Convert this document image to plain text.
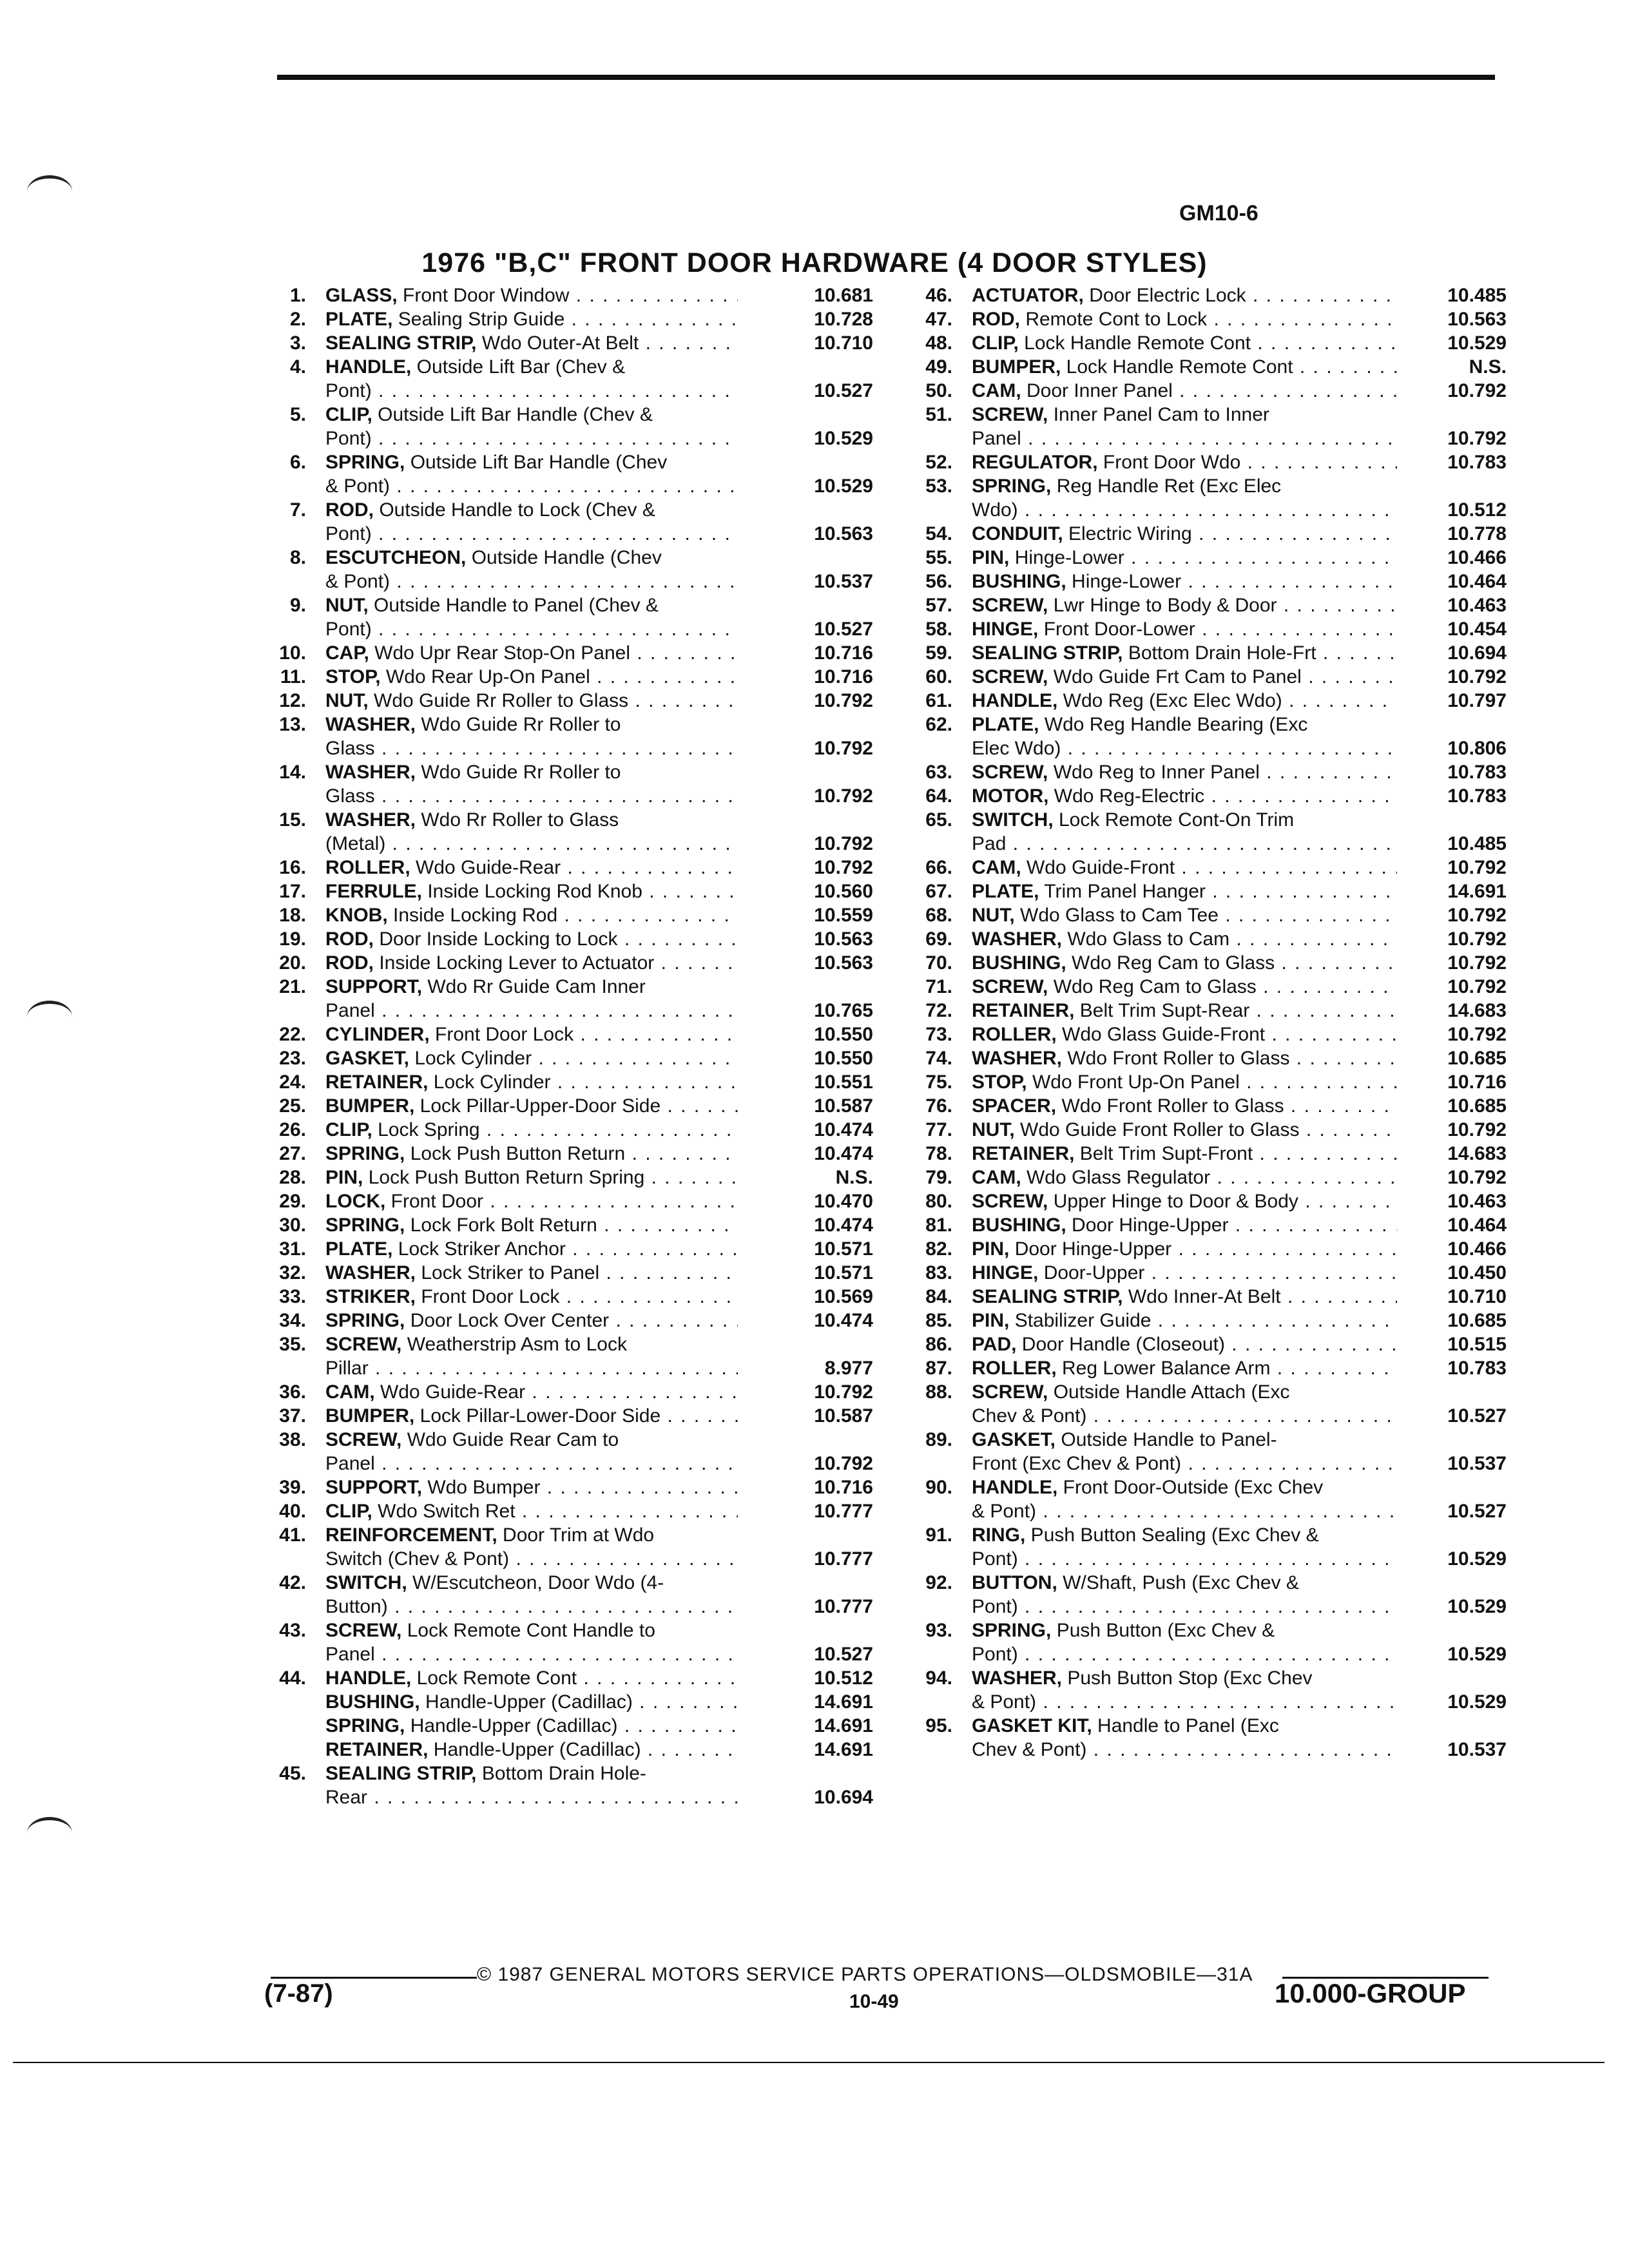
GM10-6
1976 "B,C" FRONT DOOR HARDWARE (4 DOOR STYLES)
1. GLASS, Front Door Window . . .	10.681
2. PLATE, Sealing Strip Guide . . .	10.728
3. SEALING STRIP, Wdo Outer-At Belt . . .	10.710
4. HANDLE, Outside Lift Bar (Chev &
Pont) . . .	10.527
5. CLIP, Outside Lift Bar Handle (Chev &
Pont) . . .	10.529
6. SPRING, Outside Lift Bar Handle (Chev
& Pont) . . .	10.529
7. ROD, Outside Handle to Lock (Chev &
Pont) . . .	10.563
8. ESCUTCHEON, Outside Handle (Chev
& Pont) . . .	10.537
9. NUT, Outside Handle to Panel (Chev &
Pont) . . .	10.527
10. CAP, Wdo Upr Rear Stop-On Panel . . .	10.716
11. STOP, Wdo Rear Up-On Panel . . .	10.716
12. NUT, Wdo Guide Rr Roller to Glass . . .	10.792
13. WASHER, Wdo Guide Rr Roller to
Glass . . .	10.792
14. WASHER, Wdo Guide Rr Roller to
Glass . . .	10.792
15. WASHER, Wdo Rr Roller to Glass
(Metal) . . .	10.792
16. ROLLER, Wdo Guide-Rear . . .	10.792
17. FERRULE, Inside Locking Rod Knob . . .	10.560
18. KNOB, Inside Locking Rod . . .	10.559
19. ROD, Door Inside Locking to Lock . . .	10.563
20. ROD, Inside Locking Lever to Actuator . . .	10.563
21. SUPPORT, Wdo Rr Guide Cam Inner
Panel . . .	10.765
22. CYLINDER, Front Door Lock . . .	10.550
23. GASKET, Lock Cylinder . . .	10.550
24. RETAINER, Lock Cylinder . . .	10.551
25. BUMPER, Lock Pillar-Upper-Door Side . . .	10.587
26. CLIP, Lock Spring . . .	10.474
27. SPRING, Lock Push Button Return . . .	10.474
28. PIN, Lock Push Button Return Spring . . .	N.S.
29. LOCK, Front Door . . .	10.470
30. SPRING, Lock Fork Bolt Return . . .	10.474
31. PLATE, Lock Striker Anchor . . .	10.571
32. WASHER, Lock Striker to Panel . . .	10.571
33. STRIKER, Front Door Lock . . .	10.569
34. SPRING, Door Lock Over Center . . .	10.474
35. SCREW, Weatherstrip Asm to Lock
Pillar . . .	8.977
36. CAM, Wdo Guide-Rear . . .	10.792
37. BUMPER, Lock Pillar-Lower-Door Side . . .	10.587
38. SCREW, Wdo Guide Rear Cam to
Panel . . .	10.792
39. SUPPORT, Wdo Bumper . . .	10.716
40. CLIP, Wdo Switch Ret . . .	10.777
41. REINFORCEMENT, Door Trim at Wdo
Switch (Chev & Pont) . . .	10.777
42. SWITCH, W/Escutcheon, Door Wdo (4-
Button) . . .	10.777
43. SCREW, Lock Remote Cont Handle to
Panel . . .	10.527
44. HANDLE, Lock Remote Cont . . .	10.512
BUSHING, Handle-Upper (Cadillac) . . .	14.691
SPRING, Handle-Upper (Cadillac) . . .	14.691
RETAINER, Handle-Upper (Cadillac) . . .	14.691
45. SEALING STRIP, Bottom Drain Hole-
Rear . . .	10.694
46. ACTUATOR, Door Electric Lock . . .	10.485
47. ROD, Remote Cont to Lock . . .	10.563
48. CLIP, Lock Handle Remote Cont . . .	10.529
49. BUMPER, Lock Handle Remote Cont . . .	N.S.
50. CAM, Door Inner Panel . . .	10.792
51. SCREW, Inner Panel Cam to Inner
Panel . . .	10.792
52. REGULATOR, Front Door Wdo . . .	10.783
53. SPRING, Reg Handle Ret (Exc Elec
Wdo) . . .	10.512
54. CONDUIT, Electric Wiring . . .	10.778
55. PIN, Hinge-Lower . . .	10.466
56. BUSHING, Hinge-Lower . . .	10.464
57. SCREW, Lwr Hinge to Body & Door . . .	10.463
58. HINGE, Front Door-Lower . . .	10.454
59. SEALING STRIP, Bottom Drain Hole-Frt . . .	10.694
60. SCREW, Wdo Guide Frt Cam to Panel . . .	10.792
61. HANDLE, Wdo Reg (Exc Elec Wdo) . . .	10.797
62. PLATE, Wdo Reg Handle Bearing (Exc
Elec Wdo) . . .	10.806
63. SCREW, Wdo Reg to Inner Panel . . .	10.783
64. MOTOR, Wdo Reg-Electric . . .	10.783
65. SWITCH, Lock Remote Cont-On Trim
Pad . . .	10.485
66. CAM, Wdo Guide-Front . . .	10.792
67. PLATE, Trim Panel Hanger . . .	14.691
68. NUT, Wdo Glass to Cam Tee . . .	10.792
69. WASHER, Wdo Glass to Cam . . .	10.792
70. BUSHING, Wdo Reg Cam to Glass . . .	10.792
71. SCREW, Wdo Reg Cam to Glass . . .	10.792
72. RETAINER, Belt Trim Supt-Rear . . .	14.683
73. ROLLER, Wdo Glass Guide-Front . . .	10.792
74. WASHER, Wdo Front Roller to Glass . . .	10.685
75. STOP, Wdo Front Up-On Panel . . .	10.716
76. SPACER, Wdo Front Roller to Glass . . .	10.685
77. NUT, Wdo Guide Front Roller to Glass . . .	10.792
78. RETAINER, Belt Trim Supt-Front . . .	14.683
79. CAM, Wdo Glass Regulator . . .	10.792
80. SCREW, Upper Hinge to Door & Body . . .	10.463
81. BUSHING, Door Hinge-Upper . . .	10.464
82. PIN, Door Hinge-Upper . . .	10.466
83. HINGE, Door-Upper . . .	10.450
84. SEALING STRIP, Wdo Inner-At Belt . . .	10.710
85. PIN, Stabilizer Guide . . .	10.685
86. PAD, Door Handle (Closeout) . . .	10.515
87. ROLLER, Reg Lower Balance Arm . . .	10.783
88. SCREW, Outside Handle Attach (Exc
Chev & Pont) . . .	10.527
89. GASKET, Outside Handle to Panel-
Front (Exc Chev & Pont) . . .	10.537
90. HANDLE, Front Door-Outside (Exc Chev
& Pont) . . .	10.527
91. RING, Push Button Sealing (Exc Chev &
Pont) . . .	10.529
92. BUTTON, W/Shaft, Push (Exc Chev &
Pont) . . .	10.529
93. SPRING, Push Button (Exc Chev &
Pont) . . .	10.529
94. WASHER, Push Button Stop (Exc Chev
& Pont) . . .	10.529
95. GASKET KIT, Handle to Panel (Exc
Chev & Pont) . . .	10.537
© 1987 GENERAL MOTORS SERVICE PARTS OPERATIONS—OLDSMOBILE—31A
(7-87)	10-49	10.000-GROUP
